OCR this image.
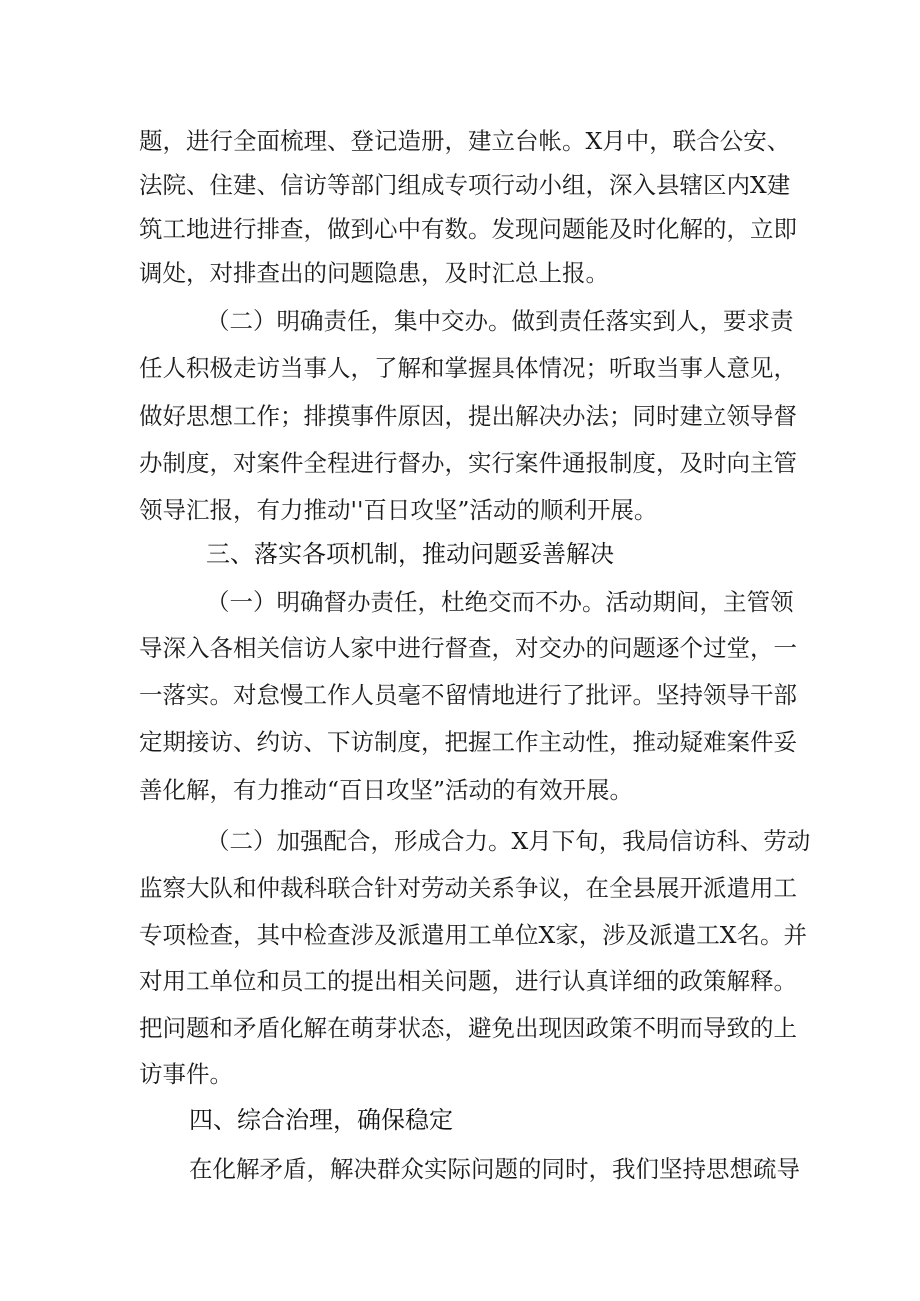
题，进行全面梳理、登记造册，建立台帐。X月中，联合公安、
法院、住建、信访等部门组成专项行动小组，深入县辖区内X建
筑工地进行排查，做到心中有数。发现问题能及时化解的，立即
调处，对排查出的问题隐患，及时汇总上报。
（二）明确责任，集中交办。做到责任落实到人，要求责
任人积极走访当事人，了解和掌握具体情况；听取当事人意见，
做好思想工作；排摸事件原因，提出解决办法；同时建立领导督
办制度，对案件全程进行督办，实行案件通报制度，及时向主管
领导汇报，有力推动''百日攻坚”活动的顺利开展。
三、落实各项机制，推动问题妥善解决
（一）明确督办责任，杜绝交而不办。活动期间，主管领
导深入各相关信访人家中进行督查，对交办的问题逐个过堂，一
一落实。对怠慢工作人员毫不留情地进行了批评。坚持领导干部
定期接访、约访、下访制度，把握工作主动性，推动疑难案件妥
善化解，有力推动“百日攻坚”活动的有效开展。
（二）加强配合，形成合力。X月下旬，我局信访科、劳动
监察大队和仲裁科联合针对劳动关系争议，在全县展开派遣用工
专项检查，其中检查涉及派遣用工单位X家，涉及派遣工X名。并
对用工单位和员工的提出相关问题，进行认真详细的政策解释。
把问题和矛盾化解在萌芽状态，避免出现因政策不明而导致的上
访事件。
四、综合治理，确保稳定
在化解矛盾，解决群众实际问题的同时，我们坚持思想疏导
